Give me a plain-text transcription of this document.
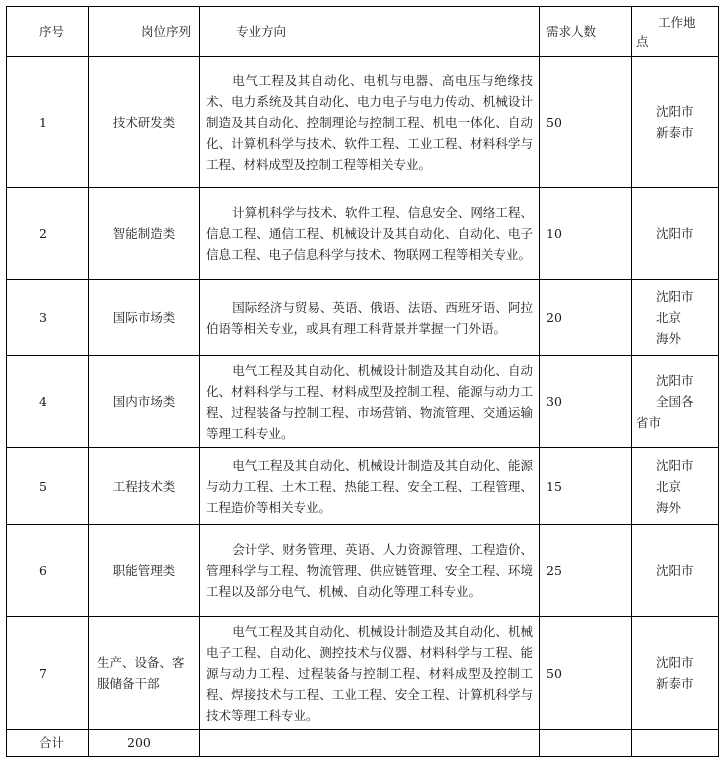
序号	岗位序列	专业方向	需求人数	工作地
点

1	技术研发类	电气工程及其自动化、电机与电器、高电压与绝缘技术、电力系统及其自动化、电力电子与电力传动、机械设计制造及其自动化、控制理论与控制工程、机电一体化、自动化、计算机科学与技术、软件工程、工业工程、材料科学与工程、材料成型及控制工程等相关专业。	50	沈阳市
新泰市

2	智能制造类	计算机科学与技术、软件工程、信息安全、网络工程、信息工程、通信工程、机械设计及其自动化、自动化、电子信息工程、电子信息科学与技术、物联网工程等相关专业。	10	沈阳市

3	国际市场类	国际经济与贸易、英语、俄语、法语、西班牙语、阿拉伯语等相关专业，或具有理工科背景并掌握一门外语。	20	沈阳市
北京
海外

4	国内市场类	电气工程及其自动化、机械设计制造及其自动化、自动化、材料科学与工程、材料成型及控制工程、能源与动力工程、过程装备与控制工程、市场营销、物流管理、交通运输等理工科专业。	30	沈阳市
全国各
省市

5	工程技术类	电气工程及其自动化、机械设计制造及其自动化、能源与动力工程、土木工程、热能工程、安全工程、工程管理、工程造价等相关专业。	15	沈阳市
北京
海外

6	职能管理类	会计学、财务管理、英语、人力资源管理、工程造价、管理科学与工程、物流管理、供应链管理、安全工程、环境工程以及部分电气、机械、自动化等理工科专业。	25	沈阳市

7	生产、设备、客服储备干部	电气工程及其自动化、机械设计制造及其自动化、机械电子工程、自动化、测控技术与仪器、材料科学与工程、能源与动力工程、过程装备与控制工程、材料成型及控制工程、焊接技术与工程、工业工程、安全工程、计算机科学与技术等理工科专业。	50	沈阳市
新泰市

合计	200			
